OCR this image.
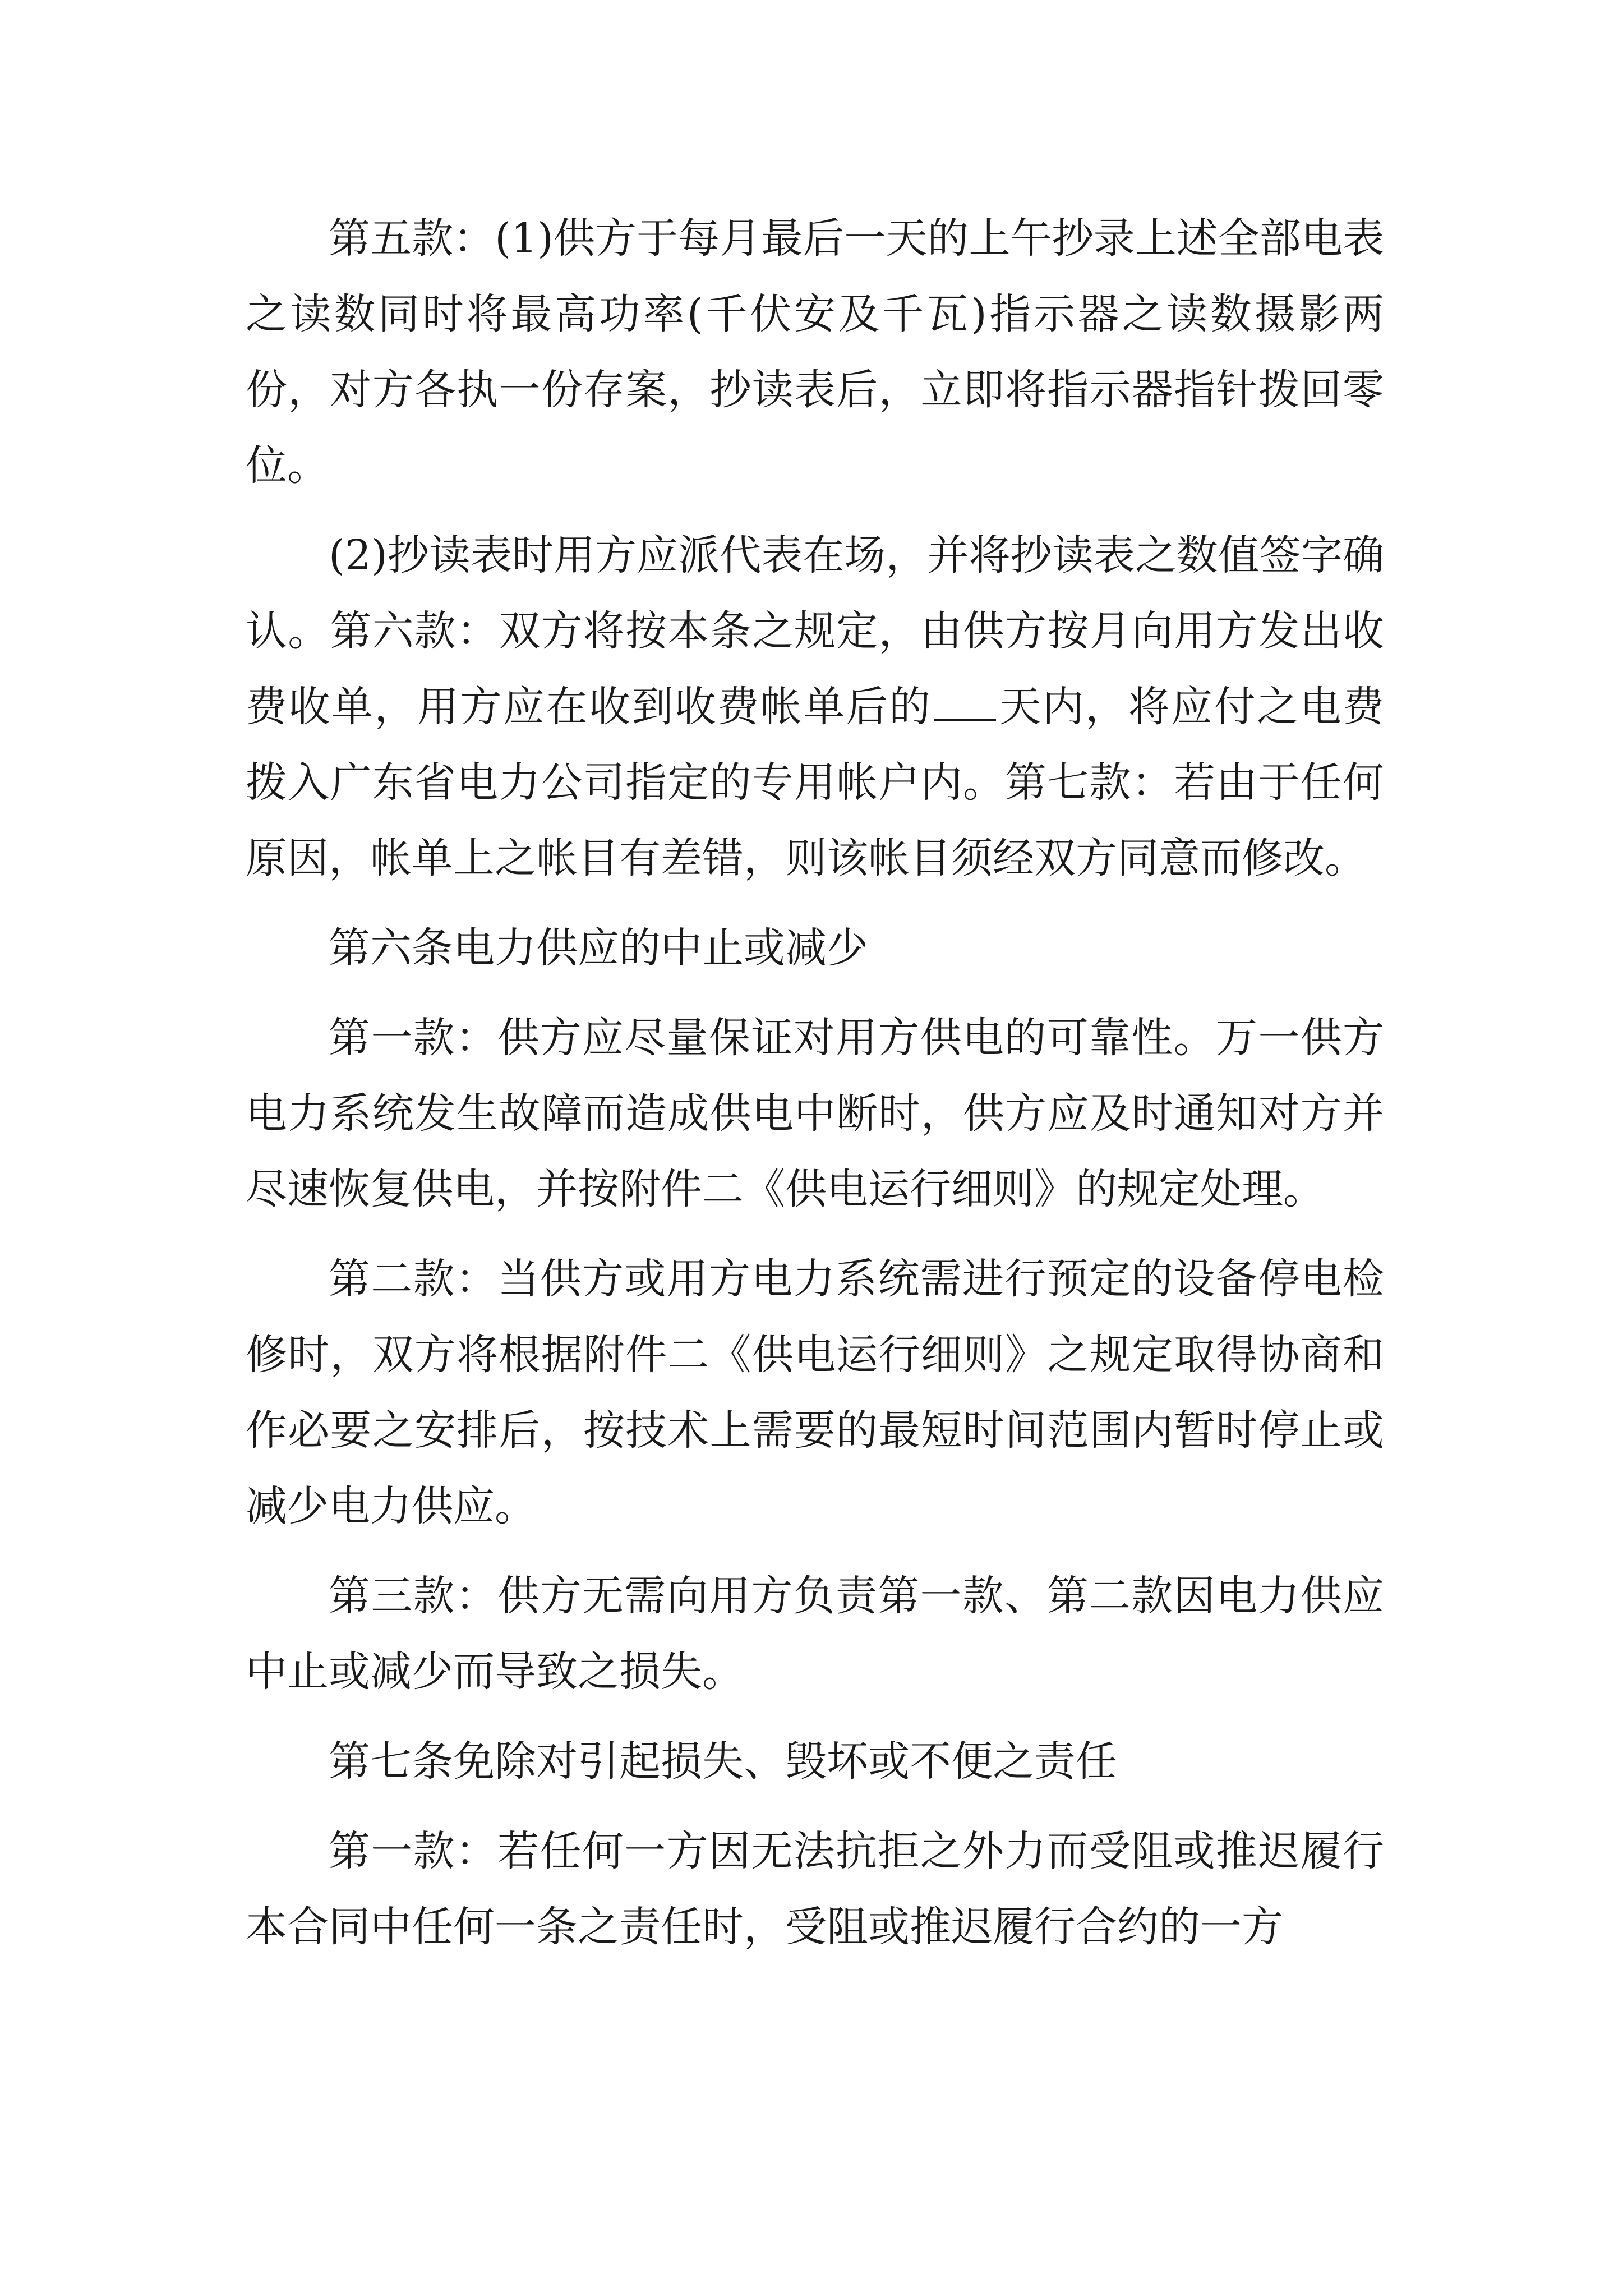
第五款：(1)供方于每月最后一天的上午抄录上述全部电表之读数同时将最高功率(千伏安及千瓦)指示器之读数摄影两份，对方各执一份存案，抄读表后，立即将指示器指针拨回零位。

(2)抄读表时用方应派代表在场，并将抄读表之数值签字确认。第六款：双方将按本条之规定，由供方按月向用方发出收费收单，用方应在收到收费帐单后的 天内，将应付之电费拨入广东省电力公司指定的专用帐户内。第七款：若由于任何原因，帐单上之帐目有差错，则该帐目须经双方同意而修改。

第六条电力供应的中止或减少

第一款：供方应尽量保证对用方供电的可靠性。万一供方电力系统发生故障而造成供电中断时，供方应及时通知对方并尽速恢复供电，并按附件二《供电运行细则》的规定处理。

第二款：当供方或用方电力系统需进行预定的设备停电检修时，双方将根据附件二《供电运行细则》之规定取得协商和作必要之安排后，按技术上需要的最短时间范围内暂时停止或减少电力供应。

第三款：供方无需向用方负责第一款、第二款因电力供应中止或减少而导致之损失。

第七条免除对引起损失、毁坏或不便之责任

第一款：若任何一方因无法抗拒之外力而受阻或推迟履行本合同中任何一条之责任时，受阻或推迟履行合约的一方
